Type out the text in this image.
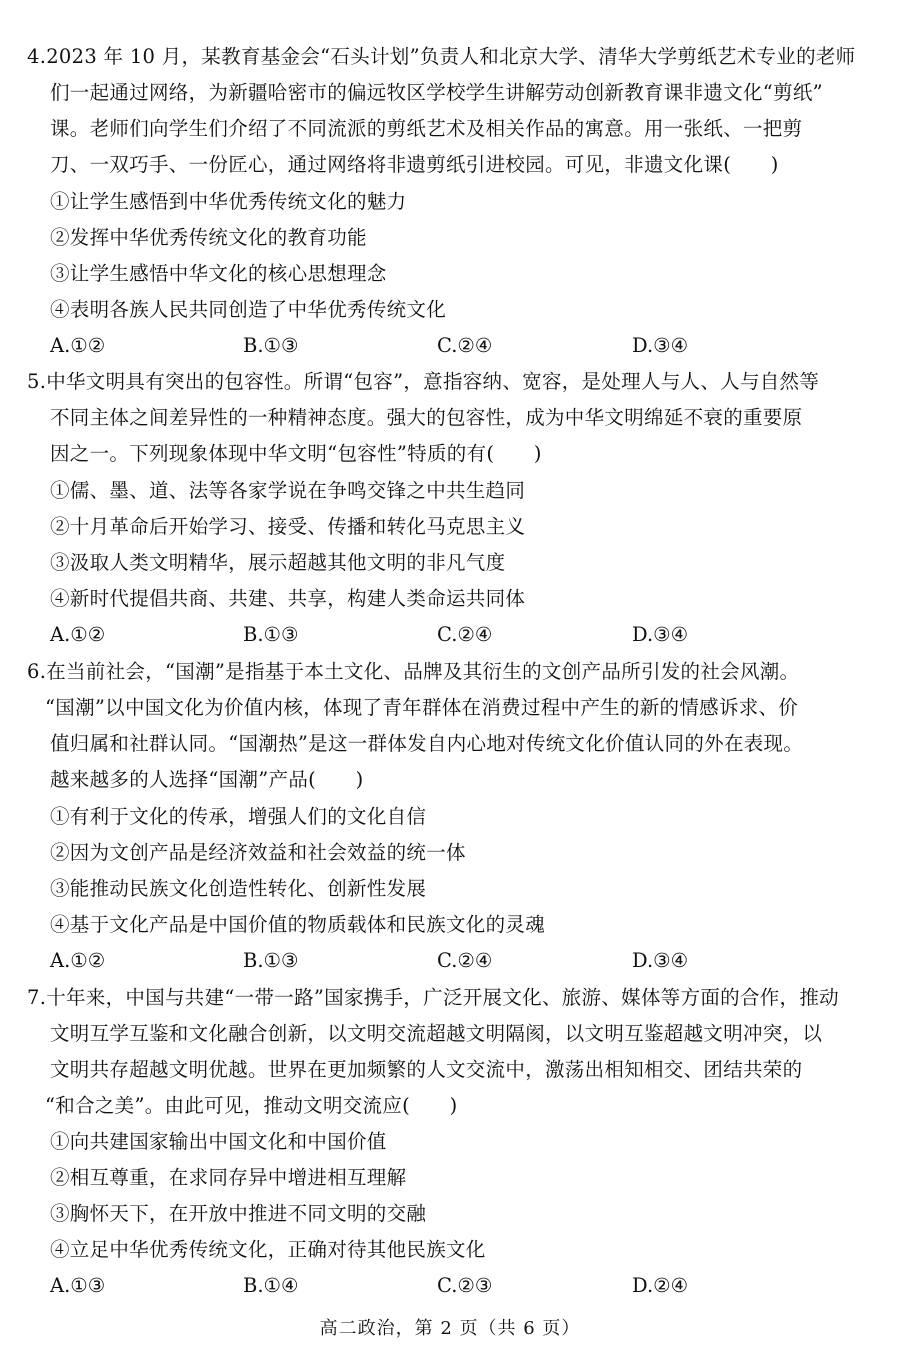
4.2023 年 10 月，某教育基金会“石头计划”负责人和北京大学、清华大学剪纸艺术专业的老师
们一起通过网络，为新疆哈密市的偏远牧区学校学生讲解劳动创新教育课非遗文化“剪纸”
课。老师们向学生们介绍了不同流派的剪纸艺术及相关作品的寓意。用一张纸、一把剪
刀、一双巧手、一份匠心，通过网络将非遗剪纸引进校园。可见，非遗文化课(　　)
①让学生感悟到中华优秀传统文化的魅力
②发挥中华优秀传统文化的教育功能
③让学生感悟中华文化的核心思想理念
④表明各族人民共同创造了中华优秀传统文化
A.①②	B.①③	C.②④	D.③④
5.中华文明具有突出的包容性。所谓“包容”，意指容纳、宽容，是处理人与人、人与自然等
不同主体之间差异性的一种精神态度。强大的包容性，成为中华文明绵延不衰的重要原
因之一。下列现象体现中华文明“包容性”特质的有(　　)
①儒、墨、道、法等各家学说在争鸣交锋之中共生趋同
②十月革命后开始学习、接受、传播和转化马克思主义
③汲取人类文明精华，展示超越其他文明的非凡气度
④新时代提倡共商、共建、共享，构建人类命运共同体
A.①②	B.①③	C.②④	D.③④
6.在当前社会，“国潮”是指基于本土文化、品牌及其衍生的文创产品所引发的社会风潮。
“国潮”以中国文化为价值内核，体现了青年群体在消费过程中产生的新的情感诉求、价
值归属和社群认同。“国潮热”是这一群体发自内心地对传统文化价值认同的外在表现。
越来越多的人选择“国潮”产品(　　)
①有利于文化的传承，增强人们的文化自信
②因为文创产品是经济效益和社会效益的统一体
③能推动民族文化创造性转化、创新性发展
④基于文化产品是中国价值的物质载体和民族文化的灵魂
A.①②	B.①③	C.②④	D.③④
7.十年来，中国与共建“一带一路”国家携手，广泛开展文化、旅游、媒体等方面的合作，推动
文明互学互鉴和文化融合创新，以文明交流超越文明隔阂，以文明互鉴超越文明冲突，以
文明共存超越文明优越。世界在更加频繁的人文交流中，激荡出相知相交、团结共荣的
“和合之美”。由此可见，推动文明交流应(　　)
①向共建国家输出中国文化和中国价值
②相互尊重，在求同存异中增进相互理解
③胸怀天下，在开放中推进不同文明的交融
④立足中华优秀传统文化，正确对待其他民族文化
A.①③	B.①④	C.②③	D.②④
高二政治，第 2 页（共 6 页）
